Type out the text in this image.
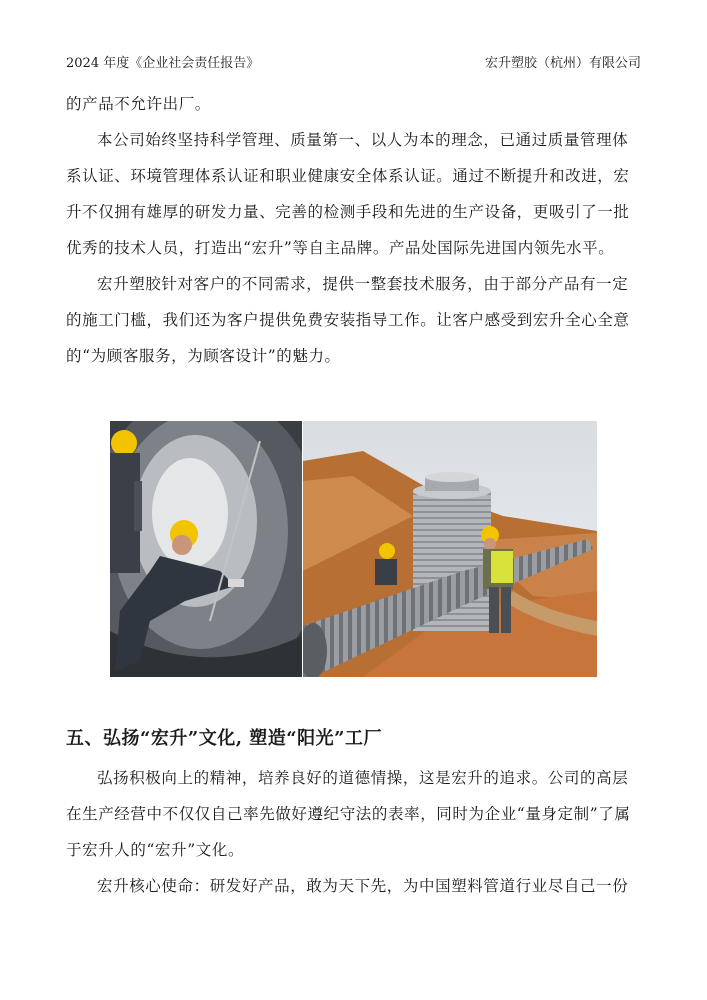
2024 年度《企业社会责任报告》	宏升塑胶（杭州）有限公司

的产品不允许出厂。

本公司始终坚持科学管理、质量第一、以人为本的理念，已通过质量管理体系认证、环境管理体系认证和职业健康安全体系认证。通过不断提升和改进，宏升不仅拥有雄厚的研发力量、完善的检测手段和先进的生产设备，更吸引了一批优秀的技术人员，打造出“宏升”等自主品牌。产品处国际先进国内领先水平。

宏升塑胶针对客户的不同需求，提供一整套技术服务，由于部分产品有一定的施工门槛，我们还为客户提供免费安装指导工作。让客户感受到宏升全心全意的“为顾客服务，为顾客设计”的魅力。

五、弘扬“宏升”文化, 塑造“阳光”工厂

弘扬积极向上的精神，培养良好的道德情操，这是宏升的追求。公司的高层在生产经营中不仅仅自己率先做好遵纪守法的表率，同时为企业“量身定制”了属于宏升人的“宏升”文化。

宏升核心使命：研发好产品，敢为天下先，为中国塑料管道行业尽自己一份
